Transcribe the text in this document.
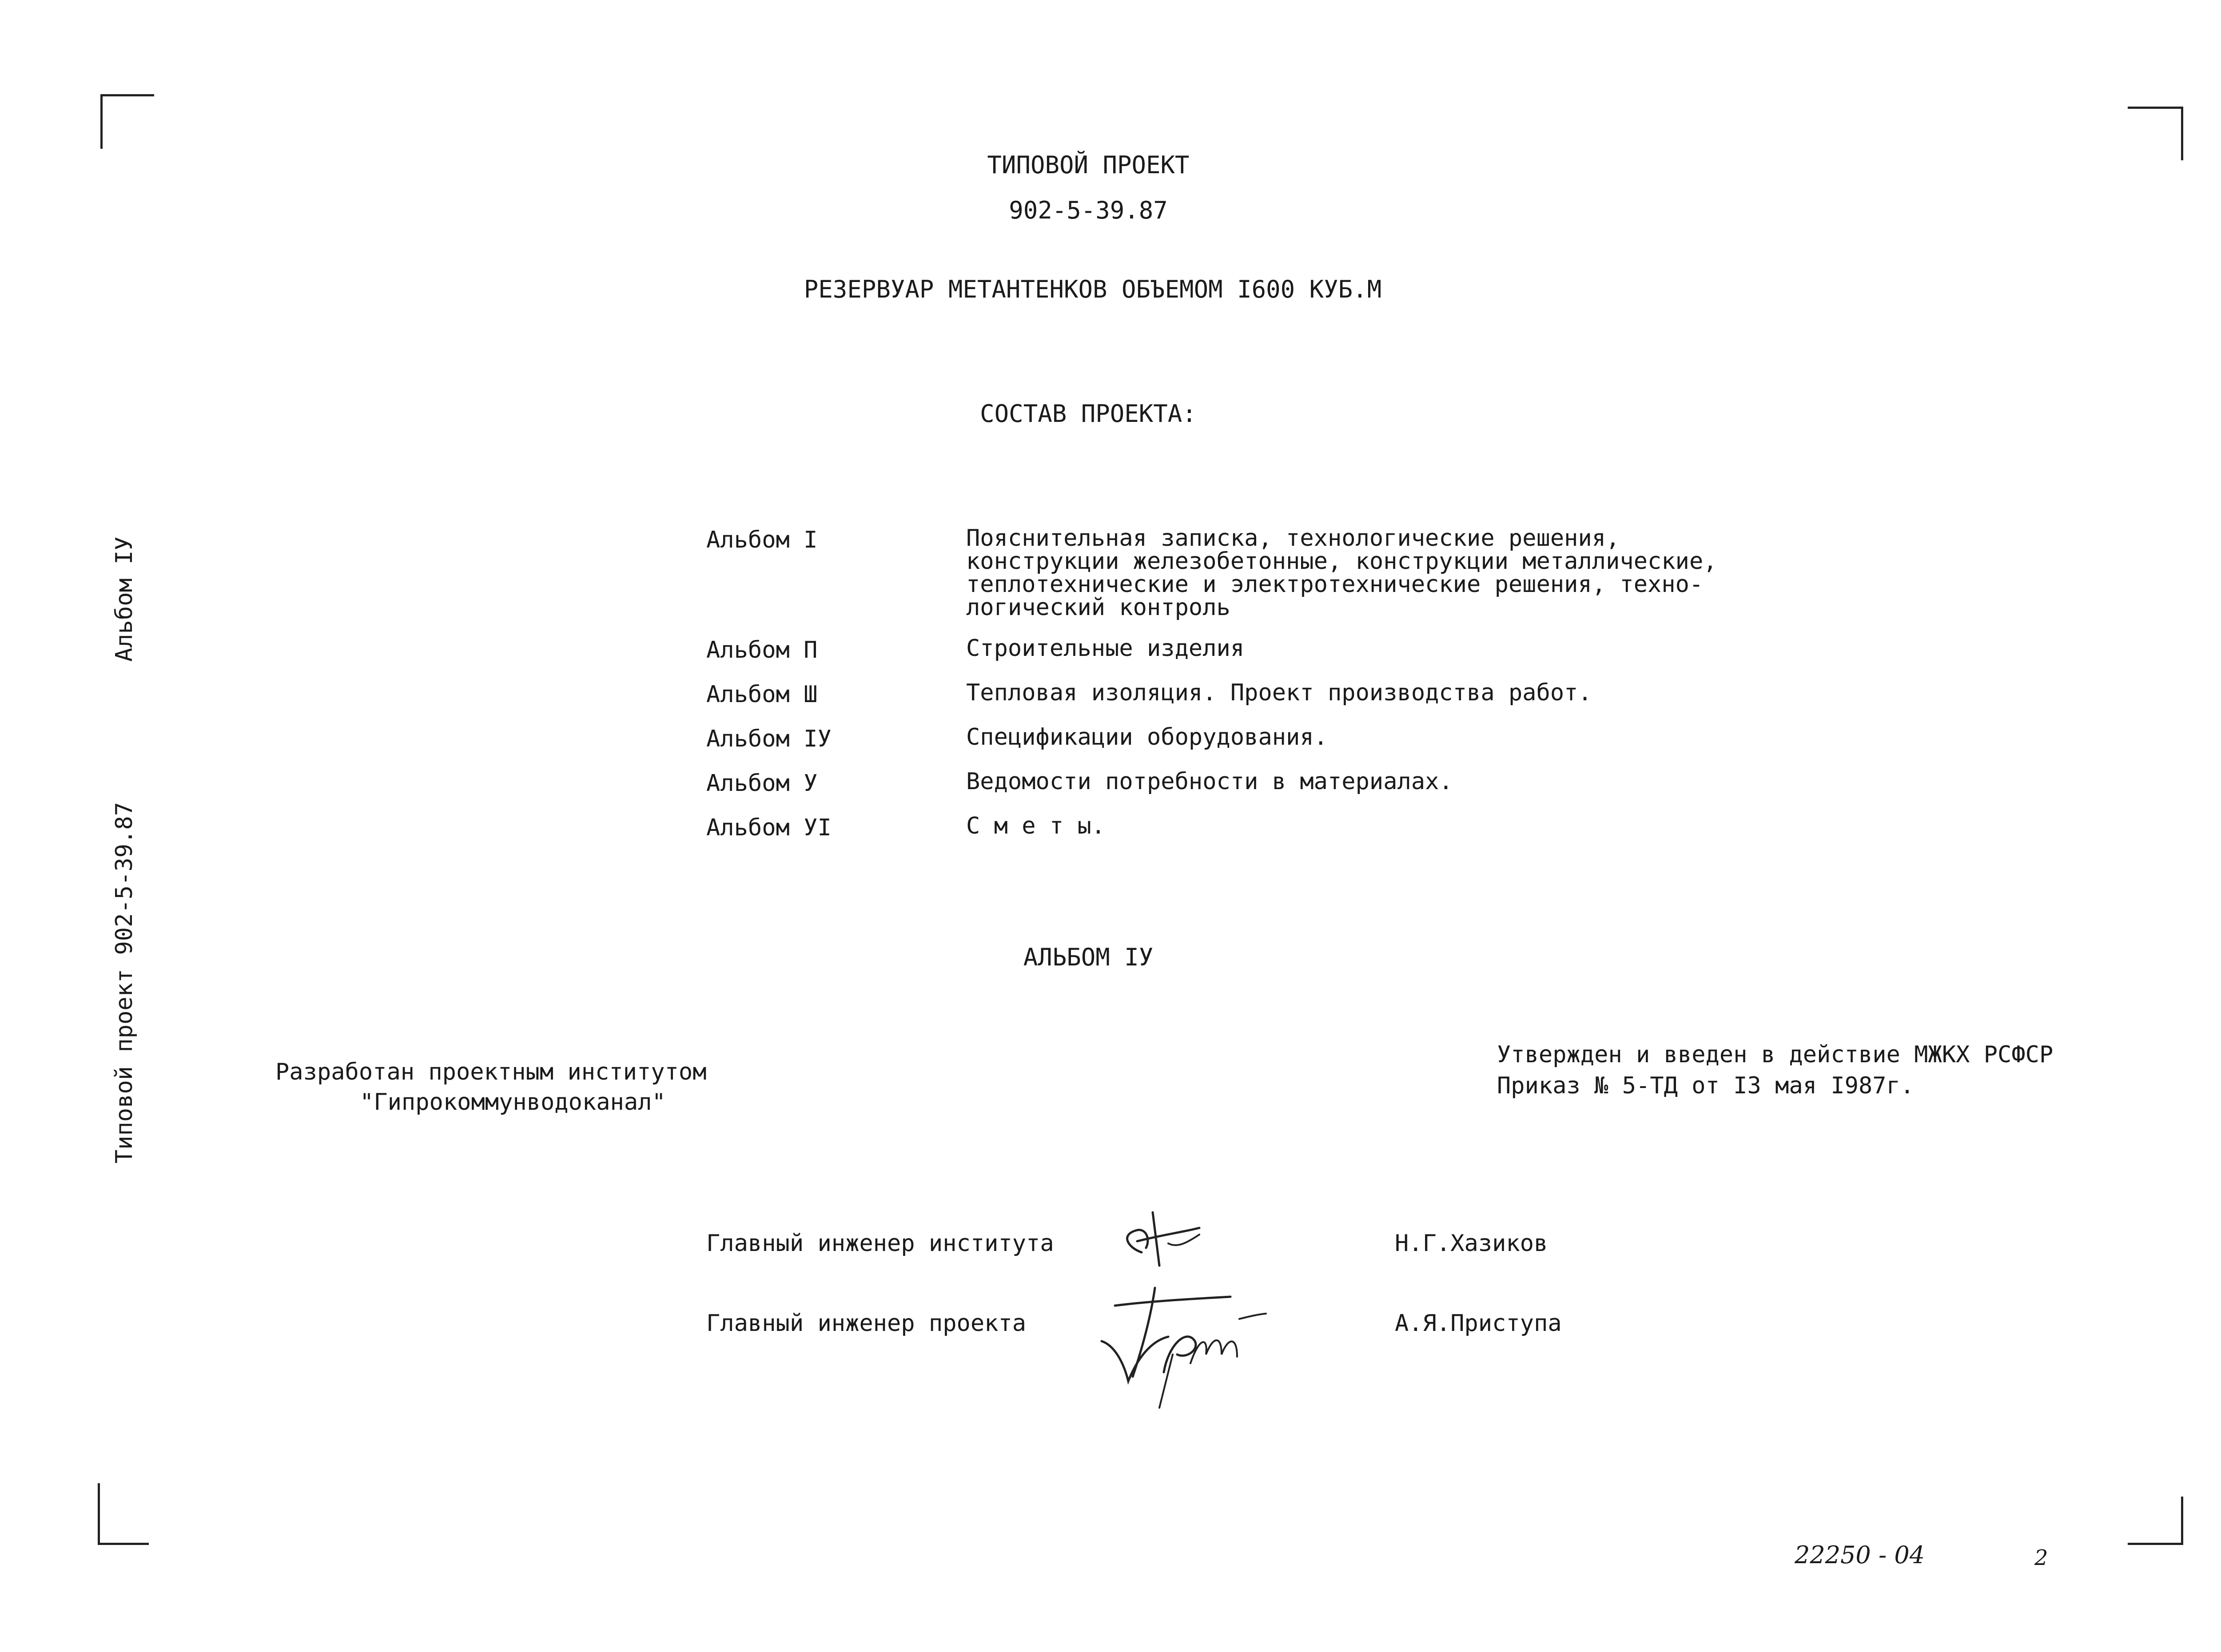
Альбом IУ
Типовой проект 902-5-39.87
ТИПОВОЙ ПРОЕКТ
902-5-39.87
РЕЗЕРВУАР МЕТАНТЕНКОВ ОБЪЕМОМ I600 КУБ.М
СОСТАВ ПРОЕКТА:
Альбом I	Пояснительная записка, технологические решения,
конструкции железобетонные, конструкции металлические,
теплотехнические и электротехнические решения, техно-
логический контроль
Альбом П	Строительные изделия
Альбом Ш	Тепловая изоляция. Проект производства работ.
Альбом IУ	Спецификации оборудования.
Альбом У	Ведомости потребности в материалах.
Альбом УI	С м е т ы.
АЛЬБОМ IУ
Разработан проектным институтом
"Гипрокоммунводоканал"
Утвержден и введен в действие МЖКХ РСФСР
Приказ № 5-ТД от I3 мая I987г.
Главный инженер института	Н.Г.Хазиков
Главный инженер проекта	А.Я.Приступа
22250 - 04	2
